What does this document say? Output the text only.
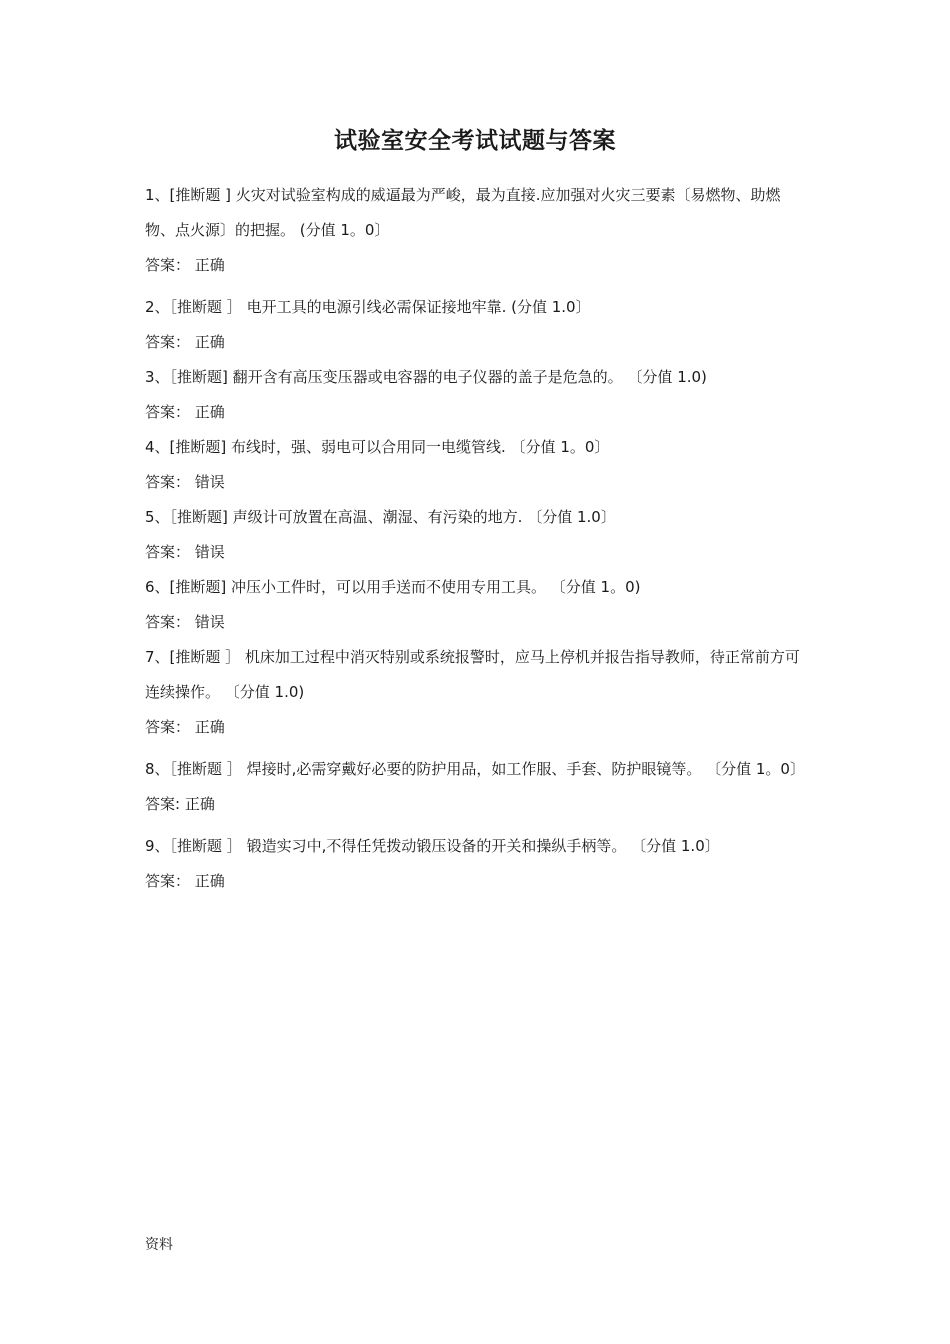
试验室安全考试试题与答案
1、[推断题 ] 火灾对试验室构成的威逼最为严峻，最为直接.应加强对火灾三要素〔易燃物、助燃物、点火源〕的把握。 (分值 1。0〕
答案： 正确
2、［推断题 ］ 电开工具的电源引线必需保证接地牢靠. (分值 1.0〕
答案： 正确
3、［推断题] 翻开含有高压变压器或电容器的电子仪器的盖子是危急的。 〔分值 1.0)
答案： 正确
4、[推断题] 布线时，强、弱电可以合用同一电缆管线. 〔分值 1。0〕
答案： 错误
5、［推断题] 声级计可放置在高温、潮湿、有污染的地方. 〔分值 1.0〕
答案： 错误
6、[推断题] 冲压小工件时，可以用手送而不使用专用工具。 〔分值 1。0)
答案： 错误
7、[推断题 ］ 机床加工过程中消灭特别或系统报警时，应马上停机并报告指导教师，待正常前方可连续操作。 〔分值 1.0)
答案： 正确
8、［推断题 ］ 焊接时,必需穿戴好必要的防护用品，如工作服、手套、防护眼镜等。 〔分值 1。0〕
答案: 正确
9、［推断题 ］ 锻造实习中,不得任凭拨动锻压设备的开关和操纵手柄等。 〔分值 1.0〕
答案： 正确
资料
